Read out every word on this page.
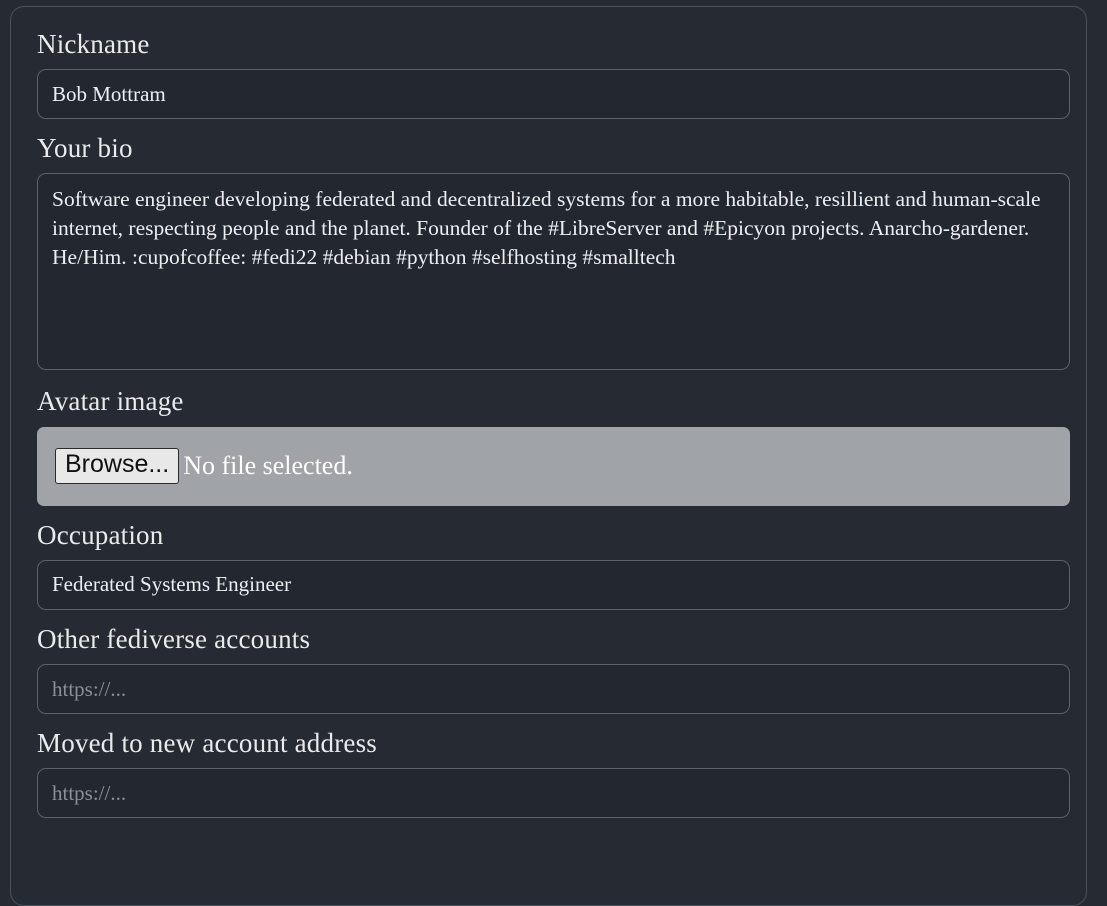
Nickname
Bob Mottram
Your bio
Software engineer developing federated and decentralized systems for a more habitable, resillient and human-scale internet, respecting people and the planet. Founder of the #LibreServer and #Epicyon projects. Anarcho-gardener. He/Him. :cupofcoffee: #fedi22 #debian #python #selfhosting #smalltech
Avatar image
Browse... No file selected.
Occupation
Federated Systems Engineer
Other fediverse accounts
https://...
Moved to new account address
https://...
